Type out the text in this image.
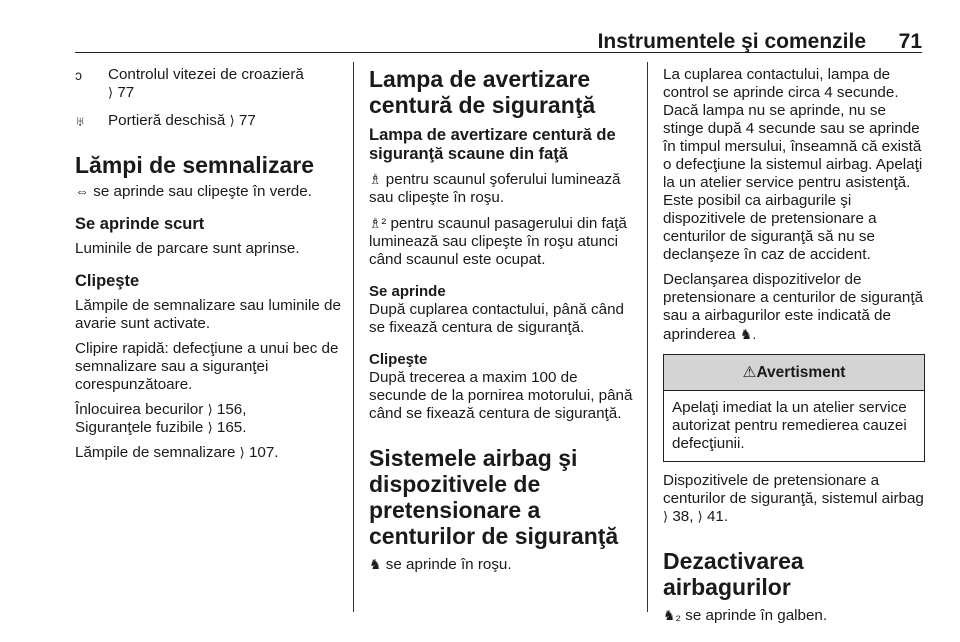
Instrumentele şi comenzile 71
ↄ	Controlul vitezei de croazieră
⟩ 77
♅	Portieră deschisă ⟩ 77
Lămpi de semnalizare

⇔ se aprinde sau clipeşte în verde.

Se aprinde scurt

Luminile de parcare sunt aprinse.

Clipeşte

Lămpile de semnalizare sau luminile de avarie sunt activate.

Clipire rapidă: defecţiune a unui bec de semnalizare sau a siguranţei corespunzătoare.

Înlocuirea becurilor ⟩ 156,
Siguranţele fuzibile ⟩ 165.

Lămpile de semnalizare ⟩ 107.

Lampa de avertizare centură de siguranţă
Lampa de avertizare centură de siguranţă scaune din faţă

♗ pentru scaunul şoferului luminează sau clipeşte în roşu.

♗² pentru scaunul pasagerului din faţă luminează sau clipeşte în roşu atunci când scaunul este ocupat.

Se aprinde

După cuplarea contactului, până când se fixează centura de siguranţă.

Clipeşte

După trecerea a maxim 100 de secunde de la pornirea motorului, până când se fixează centura de siguranţă.

Sistemele airbag şi dispozitivele de pretensionare a centurilor de siguranţă

♞ se aprinde în roşu.

La cuplarea contactului, lampa de control se aprinde circa 4 secunde. Dacă lampa nu se aprinde, nu se stinge după 4 secunde sau se aprinde în timpul mersului, înseamnă că există o defecţiune la sistemul airbag. Apelaţi la un atelier service pentru asistenţă. Este posibil ca airbagurile şi dispozitivele de pretensionare a centurilor de siguranţă să nu se declanşeze în caz de accident.

Declanşarea dispozitivelor de pretensionare a centurilor de siguranţă sau a airbagurilor este indicată de aprinderea ♞.

⚠Avertisment
Apelaţi imediat la un atelier service autorizat pentru remedierea cauzei defecţiunii.

Dispozitivele de pretensionare a centurilor de siguranţă, sistemul airbag ⟩ 38, ⟩ 41.

Dezactivarea airbagurilor

♞₂ se aprinde în galben.
